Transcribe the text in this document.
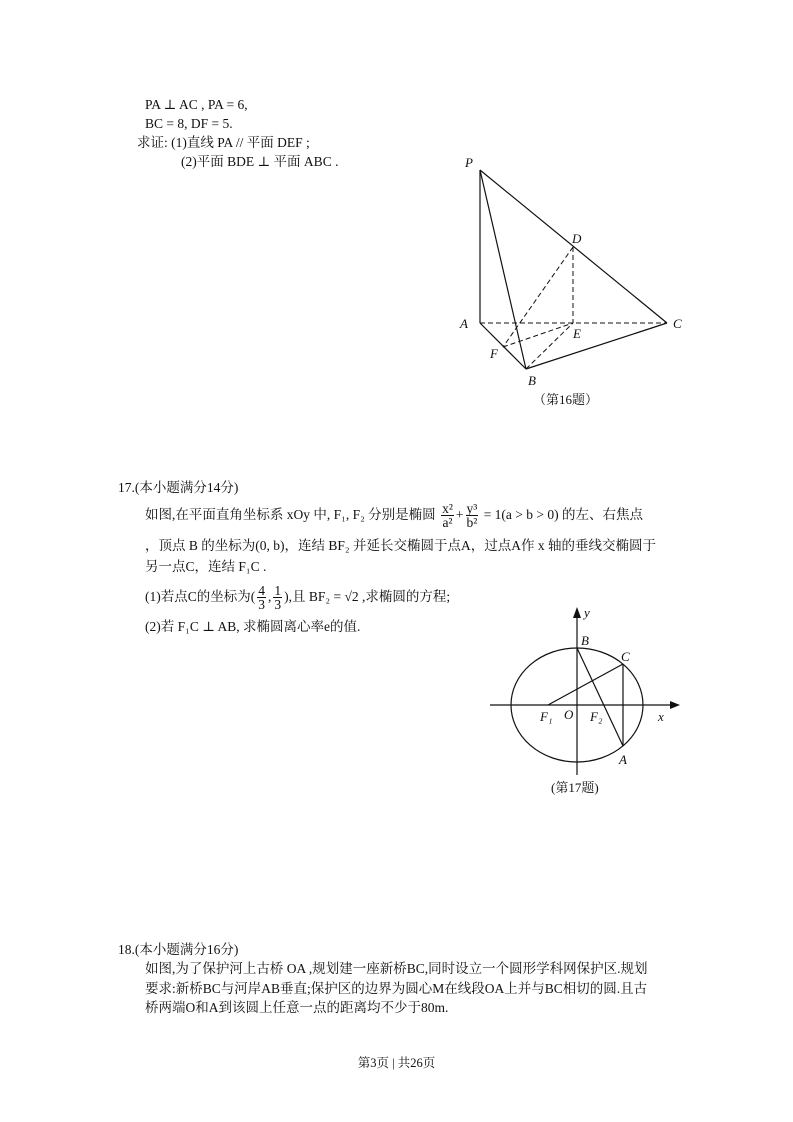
PA ⊥ AC , PA = 6,
BC = 8, DF = 5.
求证: (1)直线 PA // 平面 DEF ;
(2)平面 BDE ⊥ 平面 ABC .	P
D
A	C
E
F
B
（第16题）
y
B
C
F₁ O F₂	x
A
(第17题)
17.(本小题满分14分)
如图,在平面直角坐标系 xOy 中, F₁, F₂ 分别是椭圆 $\frac{\text{x²}}{\text{a²}} + \frac{\text{y³}}{\text{b²}} = 1(a > b > 0)$ 的左、右焦点
，顶点 B 的坐标为(0, b)，连结 BF₂ 并延长交椭圆于点A，过点A作 x 轴的垂线交椭圆于
另一点C，连结 F₁C .
(1)若点C的坐标为( $\frac{4}{3}$ , $\frac{1}{3}$ ),且 BF₂ = √2 ,求椭圆的方程;
(2)若 F₁C ⊥ AB, 求椭圆离心率e的值.
18.(本小题满分16分)
如图,为了保护河上古桥 OA ,规划建一座新桥BC,同时设立一个圆形学科网保护区.规划
要求:新桥BC与河岸AB垂直;保护区的边界为圆心M在线段OA上并与BC相切的圆.且古
桥两端O和A到该圆上任意一点的距离均不少于80m.
第3页 | 共26页
